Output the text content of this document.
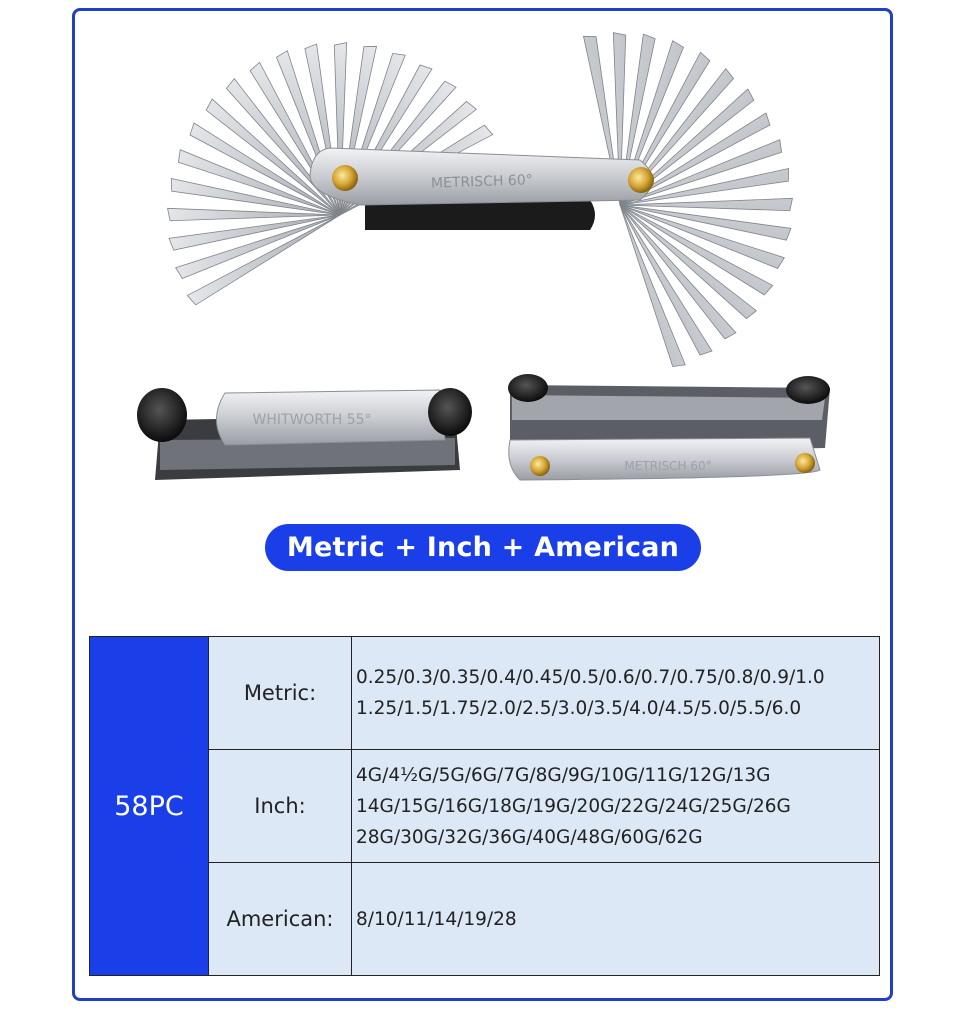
METRISCH 60°
WHITWORTH 55°
METRISCH 60°
Metric + Inch + American
58PC
Metric:
0.25/0.3/0.35/0.4/0.45/0.5/0.6/0.7/0.75/0.8/0.9/1.0
1.25/1.5/1.75/2.0/2.5/3.0/3.5/4.0/4.5/5.0/5.5/6.0
Inch:
4G/4½G/5G/6G/7G/8G/9G/10G/11G/12G/13G
14G/15G/16G/18G/19G/20G/22G/24G/25G/26G
28G/30G/32G/36G/40G/48G/60G/62G
American:	8/10/11/14/19/28
